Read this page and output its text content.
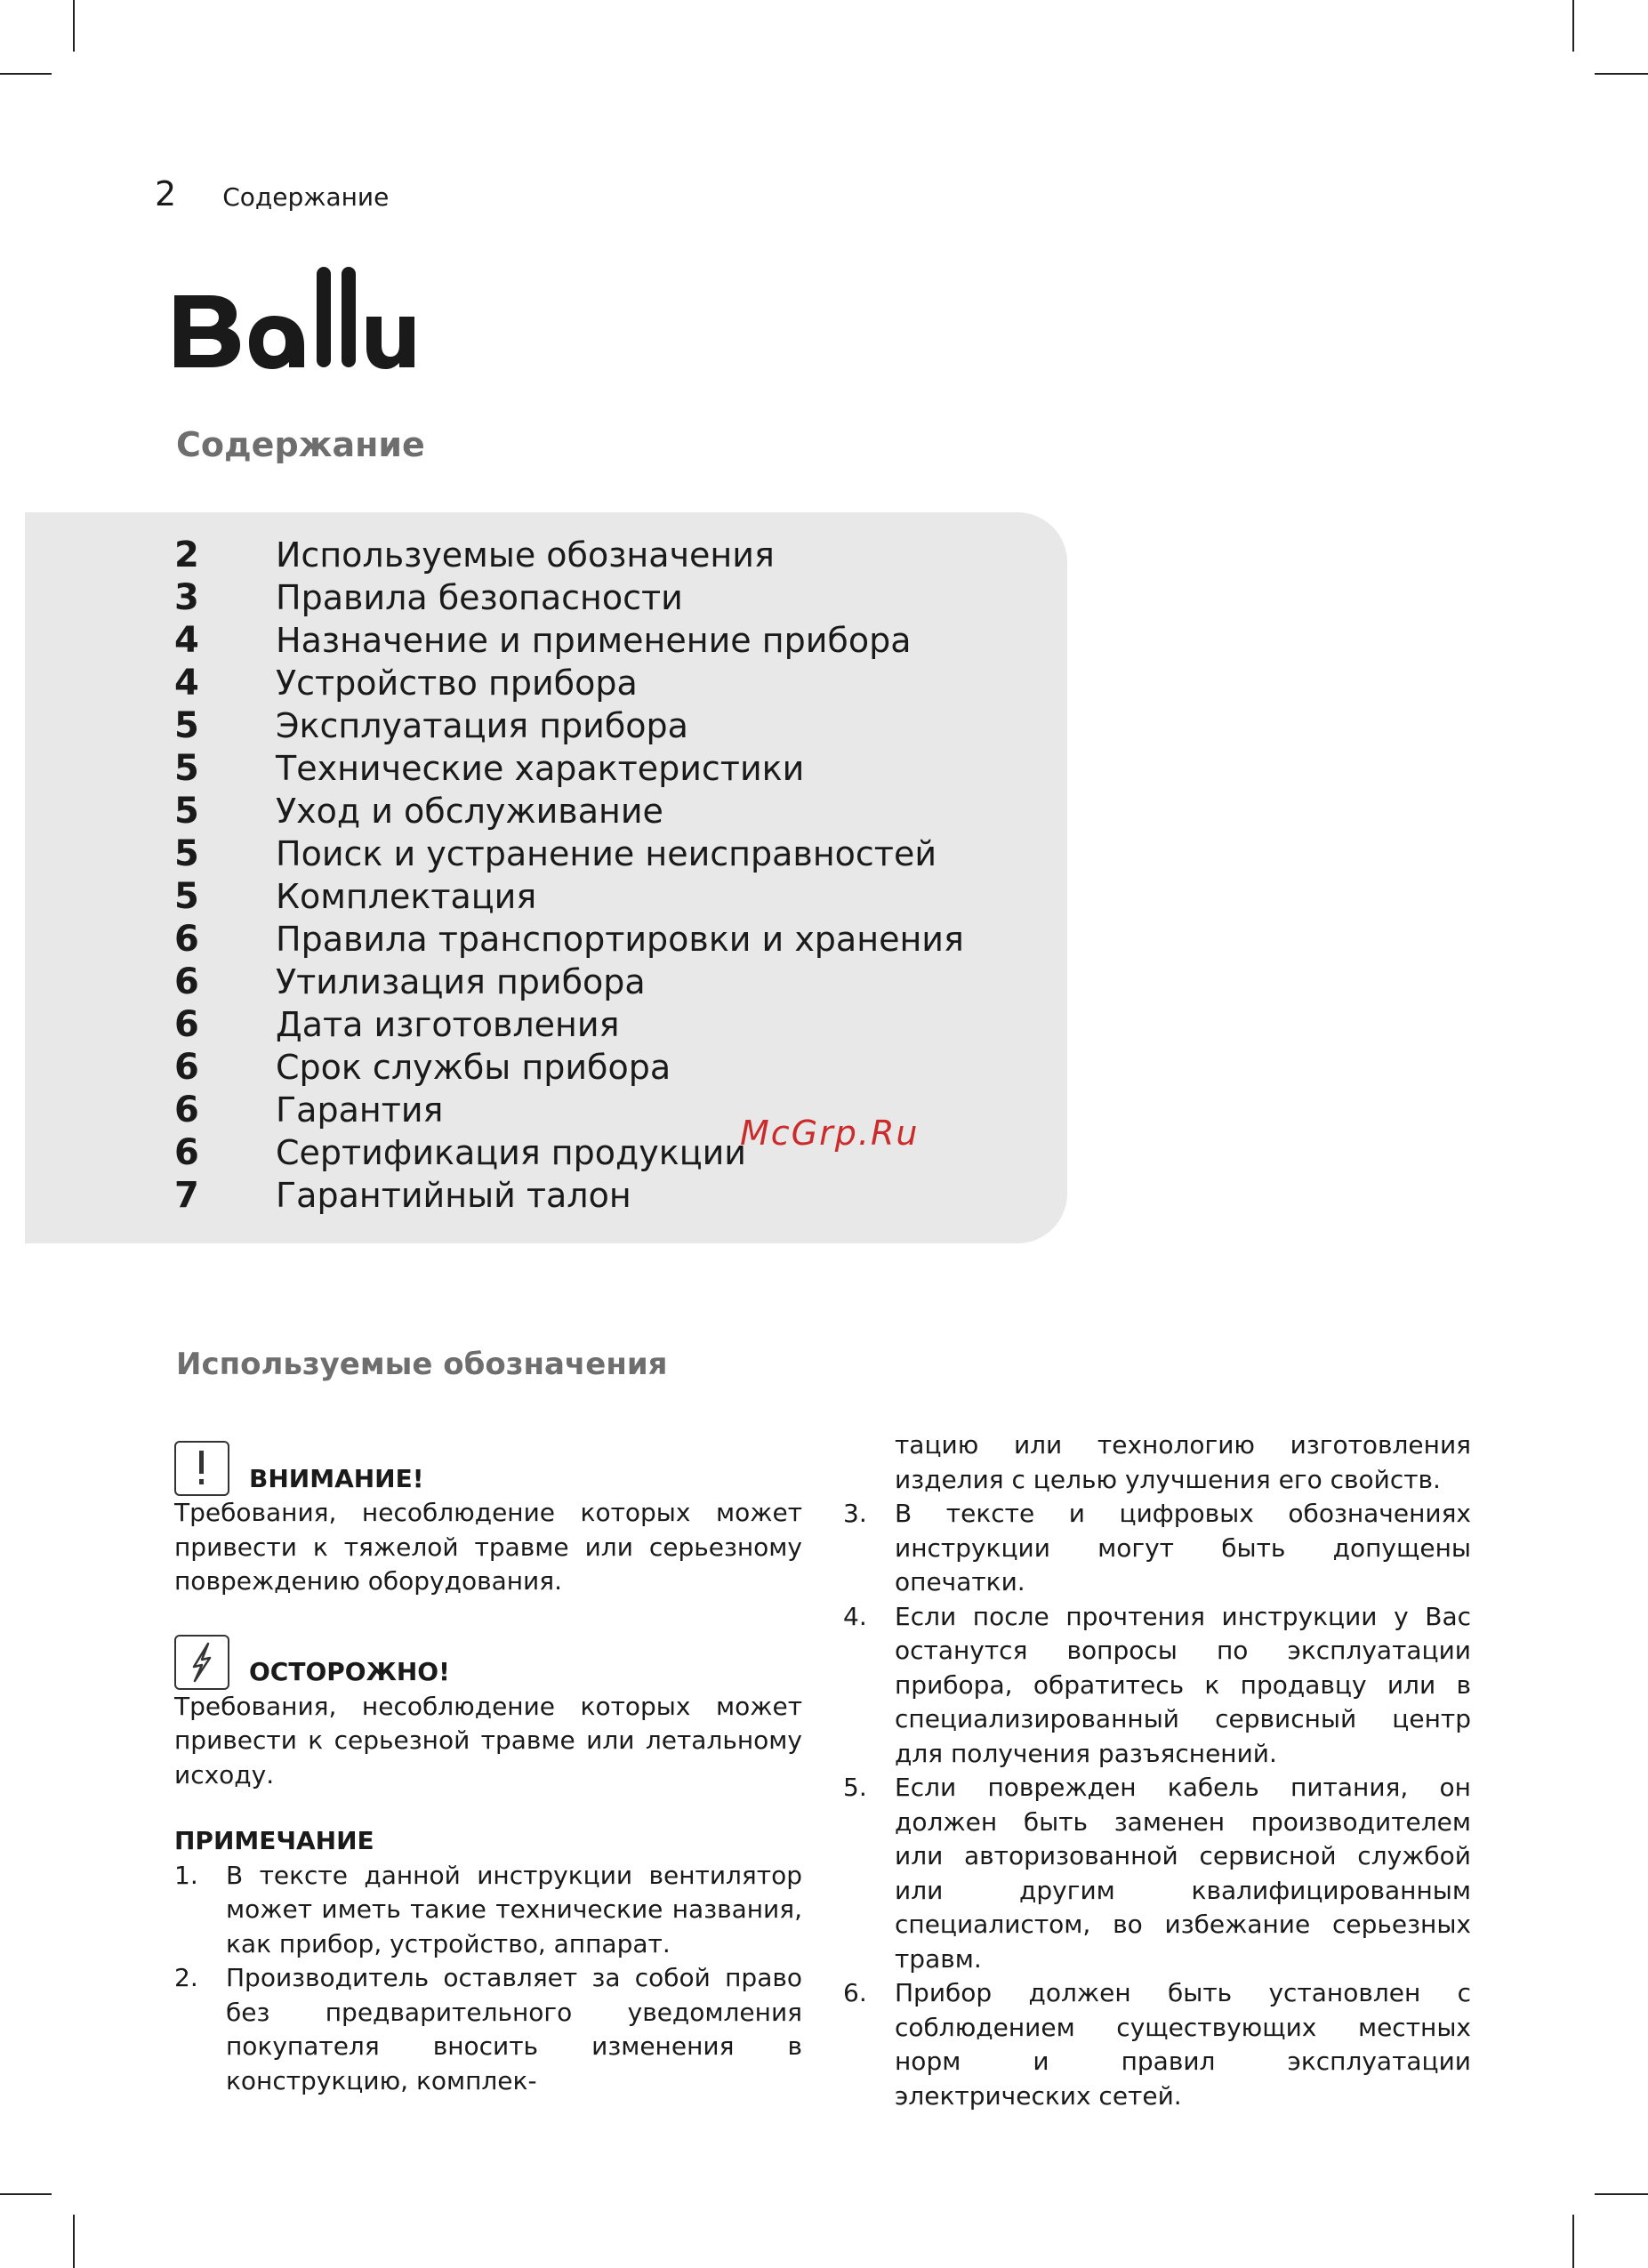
2 Содержание
Содержание
2	Используемые обозначения
3	Правила безопасности
4	Назначение и применение прибора
4	Устройство прибора
5	Эксплуатация прибора
5	Технические характеристики
5	Уход и обслуживание
5	Поиск и устранение неисправностей
5	Комплектация
6	Правила транспортировки и хранения
6	Утилизация прибора
6	Дата изготовления
6	Срок службы прибора
6	Гарантия
6	Сертификация продукции
7	Гарантийный талон
McGrp.Ru
Используемые обозначения

ВНИМАНИЕ!

Требования, несоблюдение которых может привести к тяжелой травме или серьезному повреждению оборудования.

ОСТОРОЖНО!

Требования, несоблюдение которых может привести к серьезной травме или летальному исходу.

ПРИМЕЧАНИЕ

1.	В тексте данной инструкции вентилятор может иметь такие технические названия, как прибор, устройство, аппарат.
2.	Производитель оставляет за собой право без предварительного уведомления покупателя вносить изменения в конструкцию, комплек-

тацию или технологию изготовления изделия с целью улучшения его свойств.

3.	В тексте и цифровых обозначениях инструкции могут быть допущены опечатки.
4.	Если после прочтения инструкции у Вас останутся вопросы по эксплуатации прибора, обратитесь к продавцу или в специализированный сервисный центр для получения разъяснений.
5.	Если поврежден кабель питания, он должен быть заменен производителем или авторизованной сервисной службой или другим квалифицированным специалистом, во избежание серьезных травм.
6.	Прибор должен быть установлен с соблюдением существующих местных норм и правил эксплуатации электрических сетей.
